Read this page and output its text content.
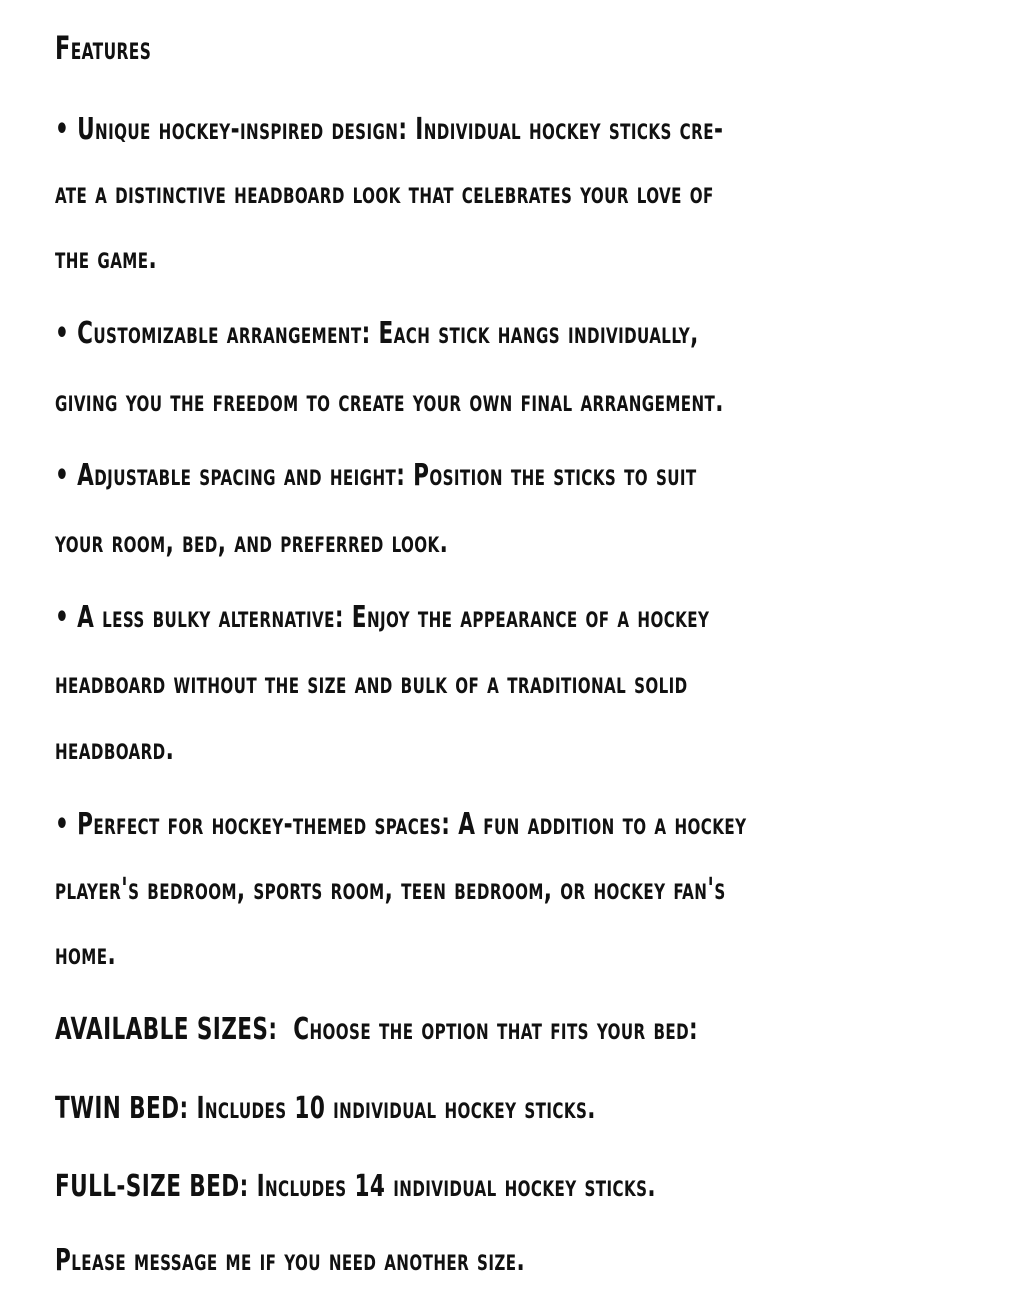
Features
• Unique hockey-inspired design: Individual hockey sticks cre-
ate a distinctive headboard look that celebrates your love of
the game.
• Customizable arrangement: Each stick hangs individually,
giving you the freedom to create your own final arrangement.
• Adjustable spacing and height: Position the sticks to suit
your room, bed, and preferred look.
• A less bulky alternative: Enjoy the appearance of a hockey
headboard without the size and bulk of a traditional solid
headboard.
• Perfect for hockey-themed spaces: A fun addition to a hockey
player's bedroom, sports room, teen bedroom, or hockey fan's
home.
AVAILABLE SIZES: Choose the option that fits your bed:
TWIN BED: Includes 10 individual hockey sticks.
FULL-SIZE BED: Includes 14 individual hockey sticks.
Please message me if you need another size.
